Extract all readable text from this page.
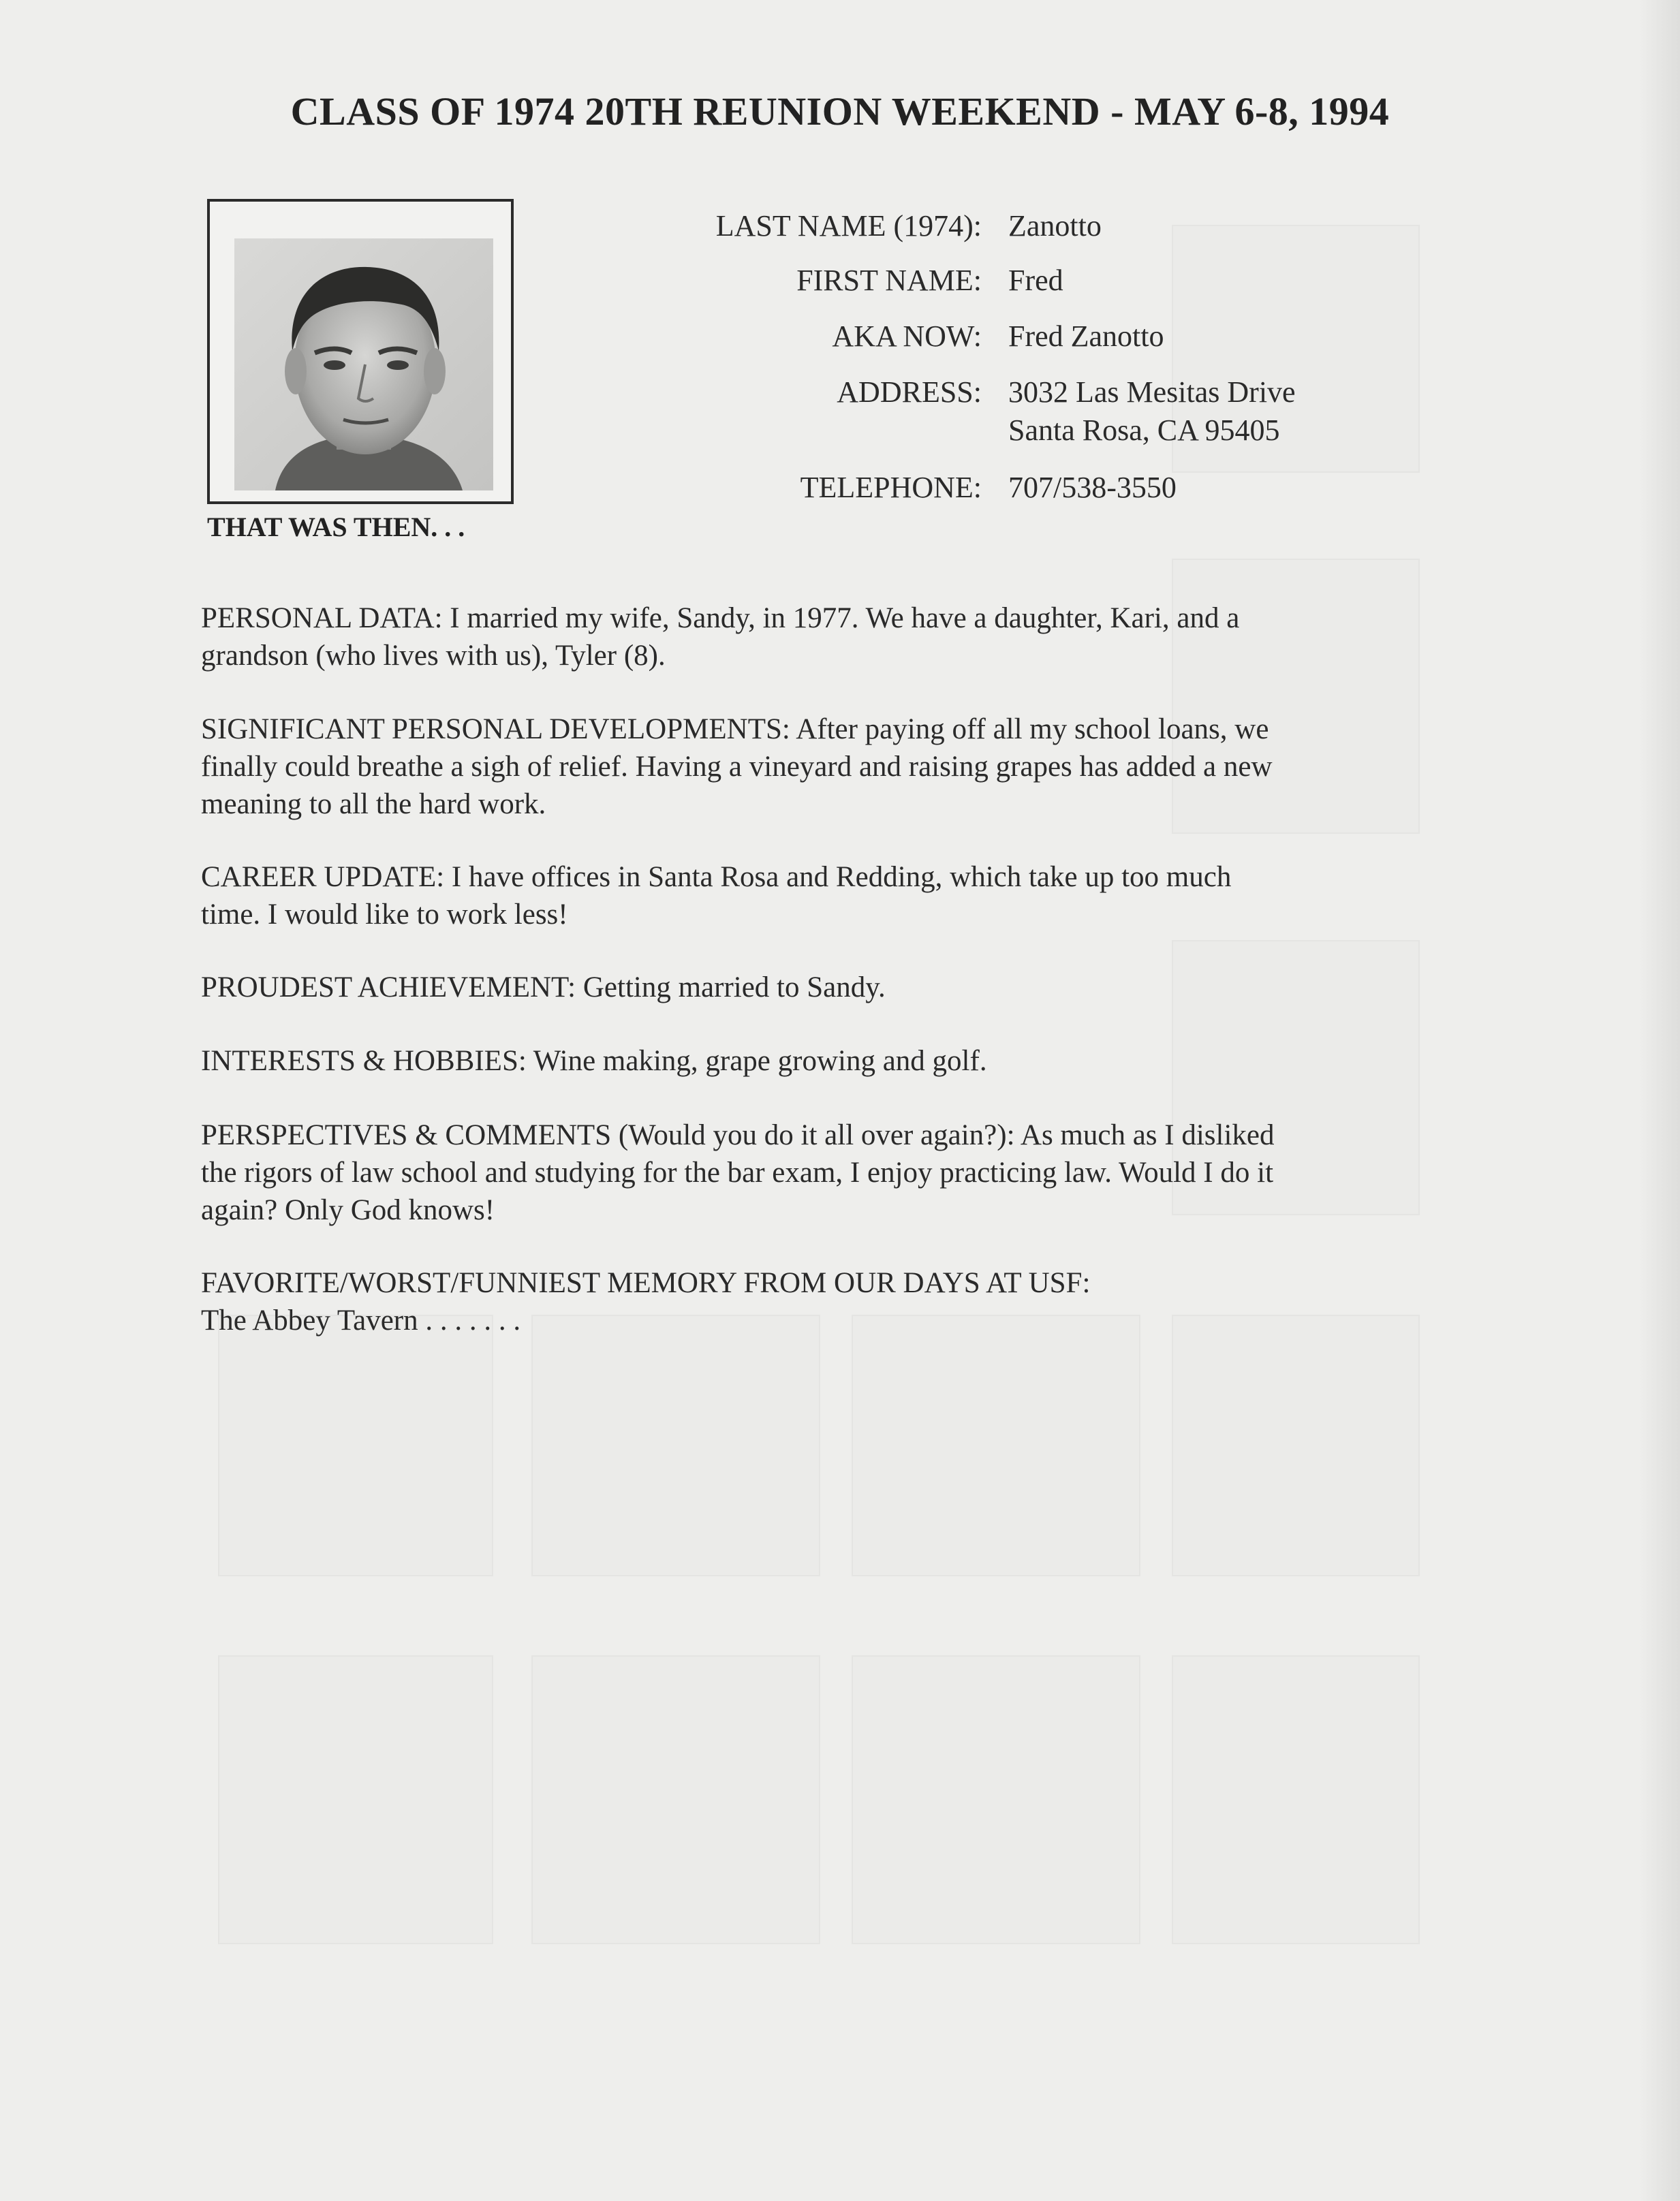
CLASS OF 1974 20TH REUNION WEEKEND - MAY 6-8, 1994
THAT WAS THEN. . .
LAST NAME (1974): Zanotto
FIRST NAME: Fred
AKA NOW: Fred Zanotto
ADDRESS: 3032 Las Mesitas Drive
Santa Rosa, CA 95405
TELEPHONE: 707/538-3550

PERSONAL DATA: I married my wife, Sandy, in 1977. We have a daughter, Kari, and a

grandson (who lives with us), Tyler (8).

SIGNIFICANT PERSONAL DEVELOPMENTS: After paying off all my school loans, we

finally could breathe a sigh of relief. Having a vineyard and raising grapes has added a new

meaning to all the hard work.

CAREER UPDATE: I have offices in Santa Rosa and Redding, which take up too much

time. I would like to work less!

PROUDEST ACHIEVEMENT: Getting married to Sandy.

INTERESTS & HOBBIES: Wine making, grape growing and golf.

PERSPECTIVES & COMMENTS (Would you do it all over again?): As much as I disliked

the rigors of law school and studying for the bar exam, I enjoy practicing law. Would I do it

again? Only God knows!

FAVORITE/WORST/FUNNIEST MEMORY FROM OUR DAYS AT USF:

The Abbey Tavern . . . . . . .
